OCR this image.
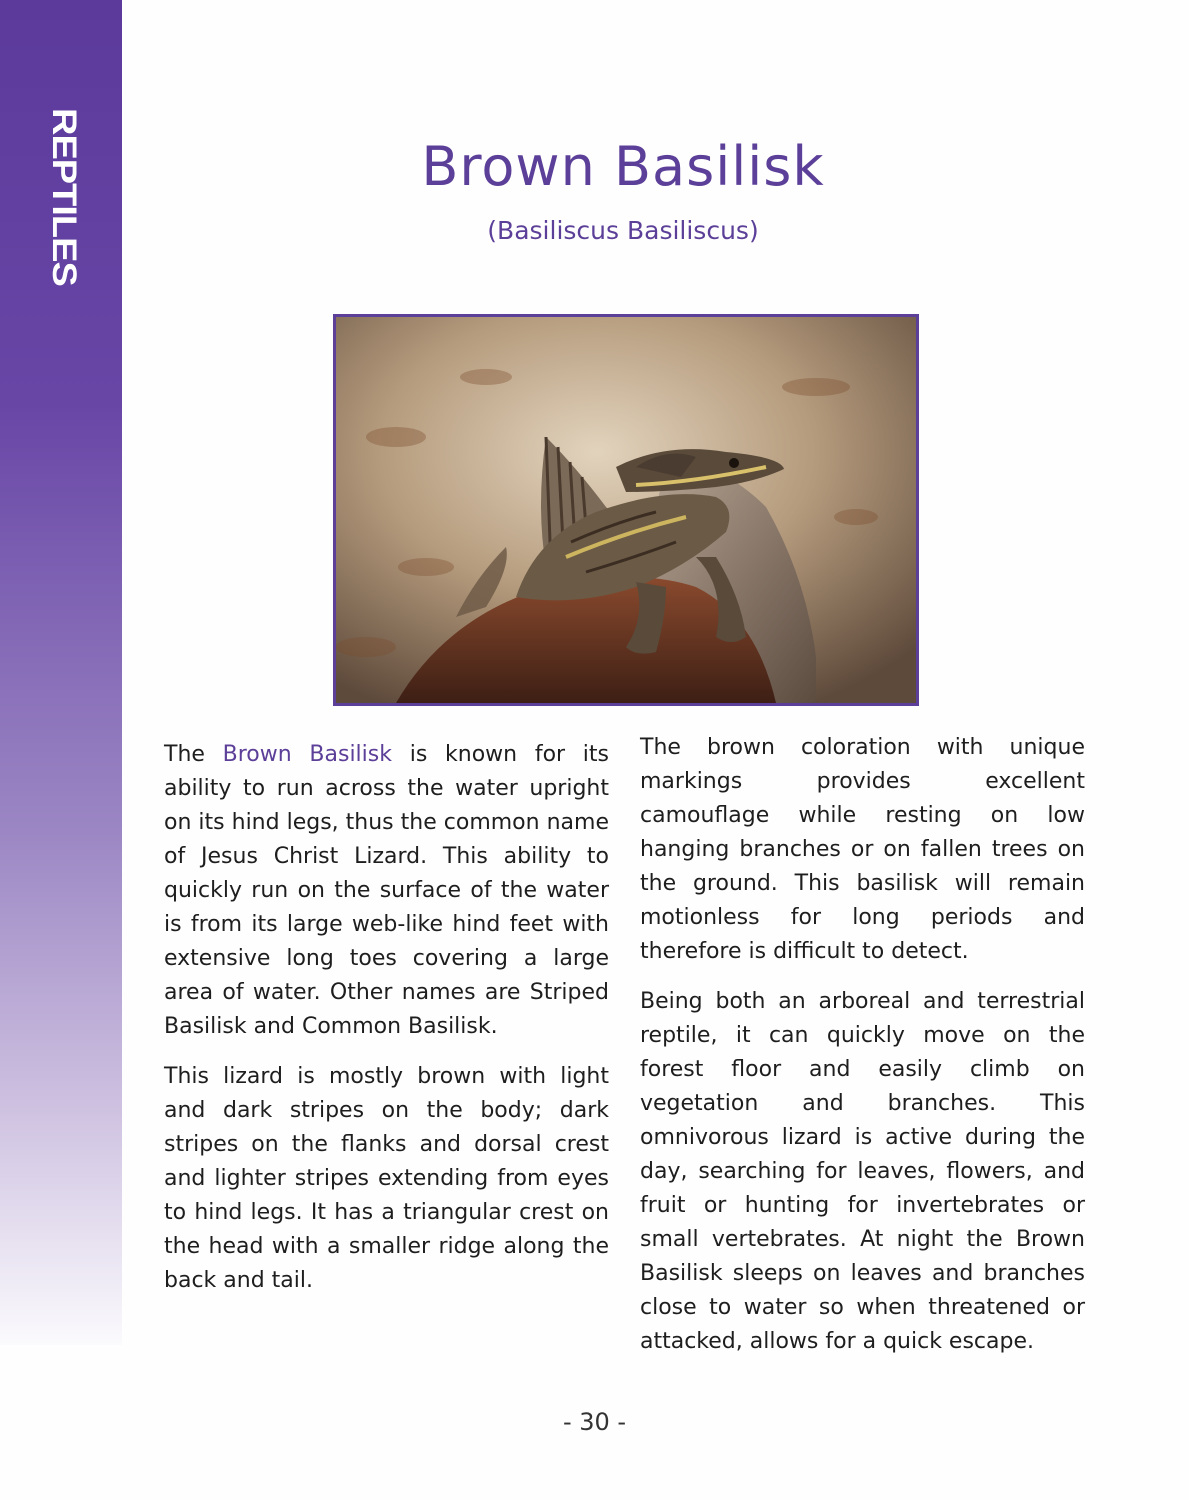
REPTILES	Brown Basilisk
(Basiliscus Basiliscus)

The Brown Basilisk is known for its ability to run across the water upright on its hind legs, thus the common name of Jesus Christ Lizard. This ability to quickly run on the surface of the water is from its large web-like hind feet with extensive long toes covering a large area of water. Other names are Striped Basilisk and Common Basilisk.

This lizard is mostly brown with light and dark stripes on the body; dark stripes on the flanks and dorsal crest and lighter stripes extending from eyes to hind legs. It has a triangular crest on the head with a smaller ridge along the back and tail.

The brown coloration with unique markings provides excellent camouflage while resting on low hanging branches or on fallen trees on the ground. This basilisk will remain motionless for long periods and therefore is difficult to detect.

Being both an arboreal and terrestrial reptile, it can quickly move on the forest floor and easily climb on vegetation and branches. This omnivorous lizard is active during the day, searching for leaves, flowers, and fruit or hunting for invertebrates or small vertebrates. At night the Brown Basilisk sleeps on leaves and branches close to water so when threatened or attacked, allows for a quick escape.

- 30 -
